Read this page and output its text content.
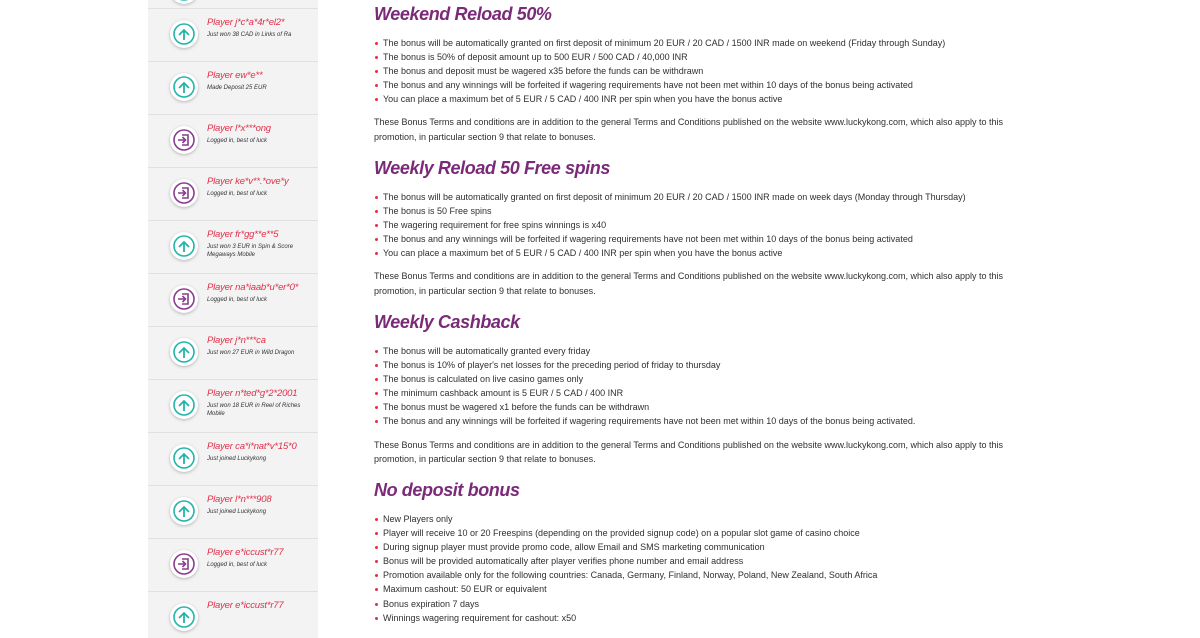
Player j*c*a*4r*el2*
Just won 38 CAD in Links of Ra
Player ew*e**
Made Deposit 25 EUR
Player l*x***ong
Logged in, best of luck
Player ke*v**.*ove*y
Logged in, best of luck
Player fr*gg**e**5
Just won 3 EUR in Spin & Score Megaways Mobile
Player na*iaab*u*er*0*
Logged in, best of luck
Player j*n***ca
Just won 27 EUR in Wild Dragon
Player n*ted*g*2*2001
Just won 18 EUR in Reel of Riches Mobile
Player ca*i*nat*v*15*0
Just joined Luckykong
Player l*n***908
Just joined Luckykong
Player e*iccust*r77
Logged in, best of luck
Player e*iccust*r77
Weekend Reload 50%
The bonus will be automatically granted on first deposit of minimum 20 EUR / 20 CAD / 1500 INR made on weekend (Friday through Sunday)
The bonus is 50% of deposit amount up to 500 EUR / 500 CAD / 40,000 INR
The bonus and deposit must be wagered x35 before the funds can be withdrawn
The bonus and any winnings will be forfeited if wagering requirements have not been met within 10 days of the bonus being activated
You can place a maximum bet of 5 EUR / 5 CAD / 400 INR per spin when you have the bonus active

These Bonus Terms and conditions are in addition to the general Terms and Conditions published on the website www.luckykong.com, which also apply to this promotion, in particular section 9 that relate to bonuses.

Weekly Reload 50 Free spins
The bonus will be automatically granted on first deposit of minimum 20 EUR / 20 CAD / 1500 INR made on week days (Monday through Thursday)
The bonus is 50 Free spins
The wagering requirement for free spins winnings is x40
The bonus and any winnings will be forfeited if wagering requirements have not been met within 10 days of the bonus being activated
You can place a maximum bet of 5 EUR / 5 CAD / 400 INR per spin when you have the bonus active

These Bonus Terms and conditions are in addition to the general Terms and Conditions published on the website www.luckykong.com, which also apply to this promotion, in particular section 9 that relate to bonuses.

Weekly Cashback
The bonus will be automatically granted every friday
The bonus is 10% of player's net losses for the preceding period of friday to thursday
The bonus is calculated on live casino games only
The minimum cashback amount is 5 EUR / 5 CAD / 400 INR
The bonus must be wagered x1 before the funds can be withdrawn
The bonus and any winnings will be forfeited if wagering requirements have not been met within 10 days of the bonus being activated.

These Bonus Terms and conditions are in addition to the general Terms and Conditions published on the website www.luckykong.com, which also apply to this promotion, in particular section 9 that relate to bonuses.

No deposit bonus
New Players only
Player will receive 10 or 20 Freespins (depending on the provided signup code) on a popular slot game of casino choice
During signup player must provide promo code, allow Email and SMS marketing communication
Bonus will be provided automatically after player verifies phone number and email address
Promotion available only for the following countries: Canada, Germany, Finland, Norway, Poland, New Zealand, South Africa
Maximum cashout: 50 EUR or equivalent
Bonus expiration 7 days
Winnings wagering requirement for cashout: x50
